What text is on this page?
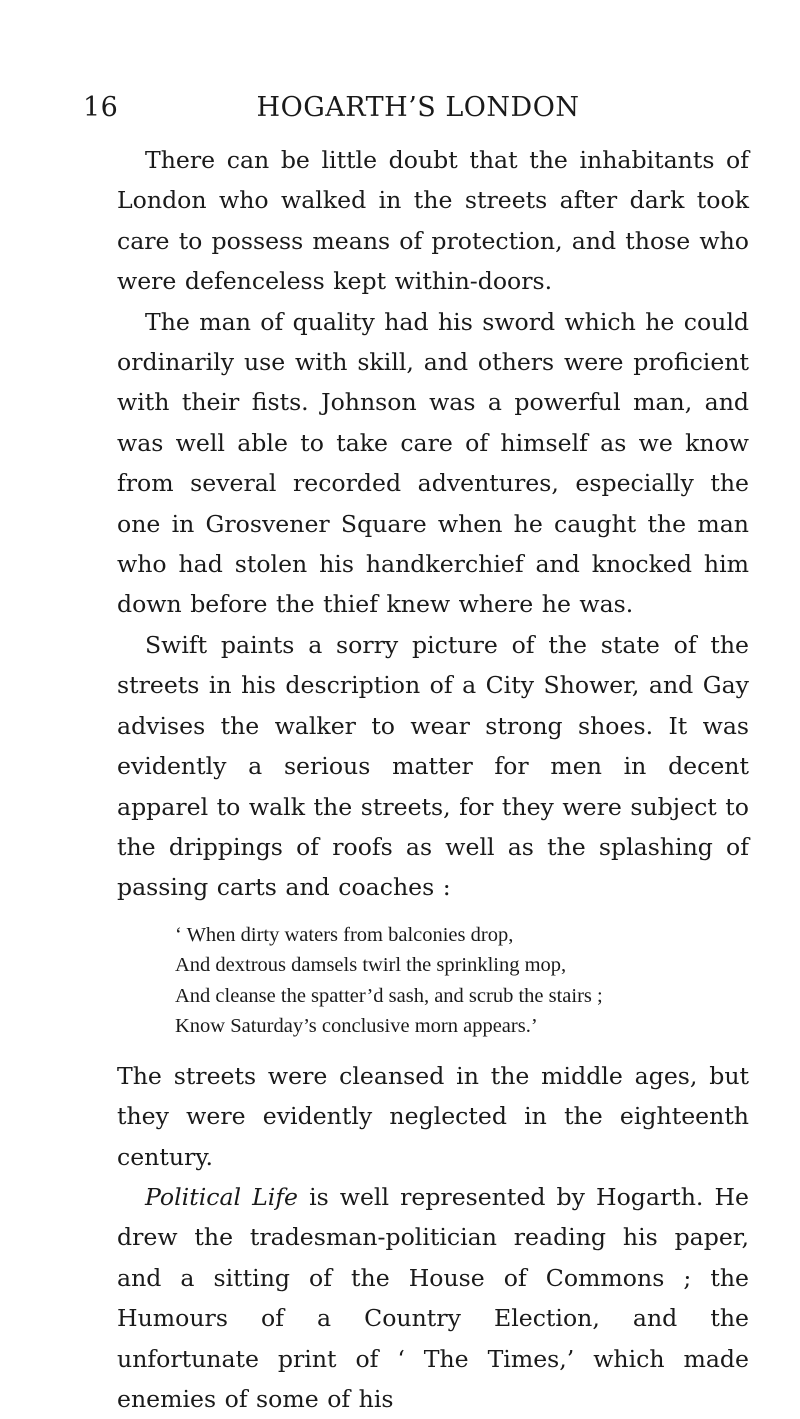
16	HOGARTH’S LONDON

There can be little doubt that the inhabitants of London who walked in the streets after dark took care to possess means of protection, and those who were defenceless kept within-doors.

The man of quality had his sword which he could ordinarily use with skill, and others were proficient with their fists. Johnson was a powerful man, and was well able to take care of himself as we know from several recorded adventures, especially the one in Grosvener Square when he caught the man who had stolen his handkerchief and knocked him down before the thief knew where he was.

Swift paints a sorry picture of the state of the streets in his description of a City Shower, and Gay advises the walker to wear strong shoes. It was evidently a serious matter for men in decent apparel to walk the streets, for they were subject to the drippings of roofs as well as the splashing of passing carts and coaches :

‘ When dirty waters from balconies drop,
And dextrous damsels twirl the sprinkling mop,
And cleanse the spatter’d sash, and scrub the stairs ;
Know Saturday’s conclusive morn appears.’

The streets were cleansed in the middle ages, but they were evidently neglected in the eighteenth century.

Political Life is well represented by Hogarth. He drew the tradesman-politician reading his paper, and a sitting of the House of Commons ; the Humours of a Country Election, and the unfortunate print of ‘ The Times,’ which made enemies of some of his
